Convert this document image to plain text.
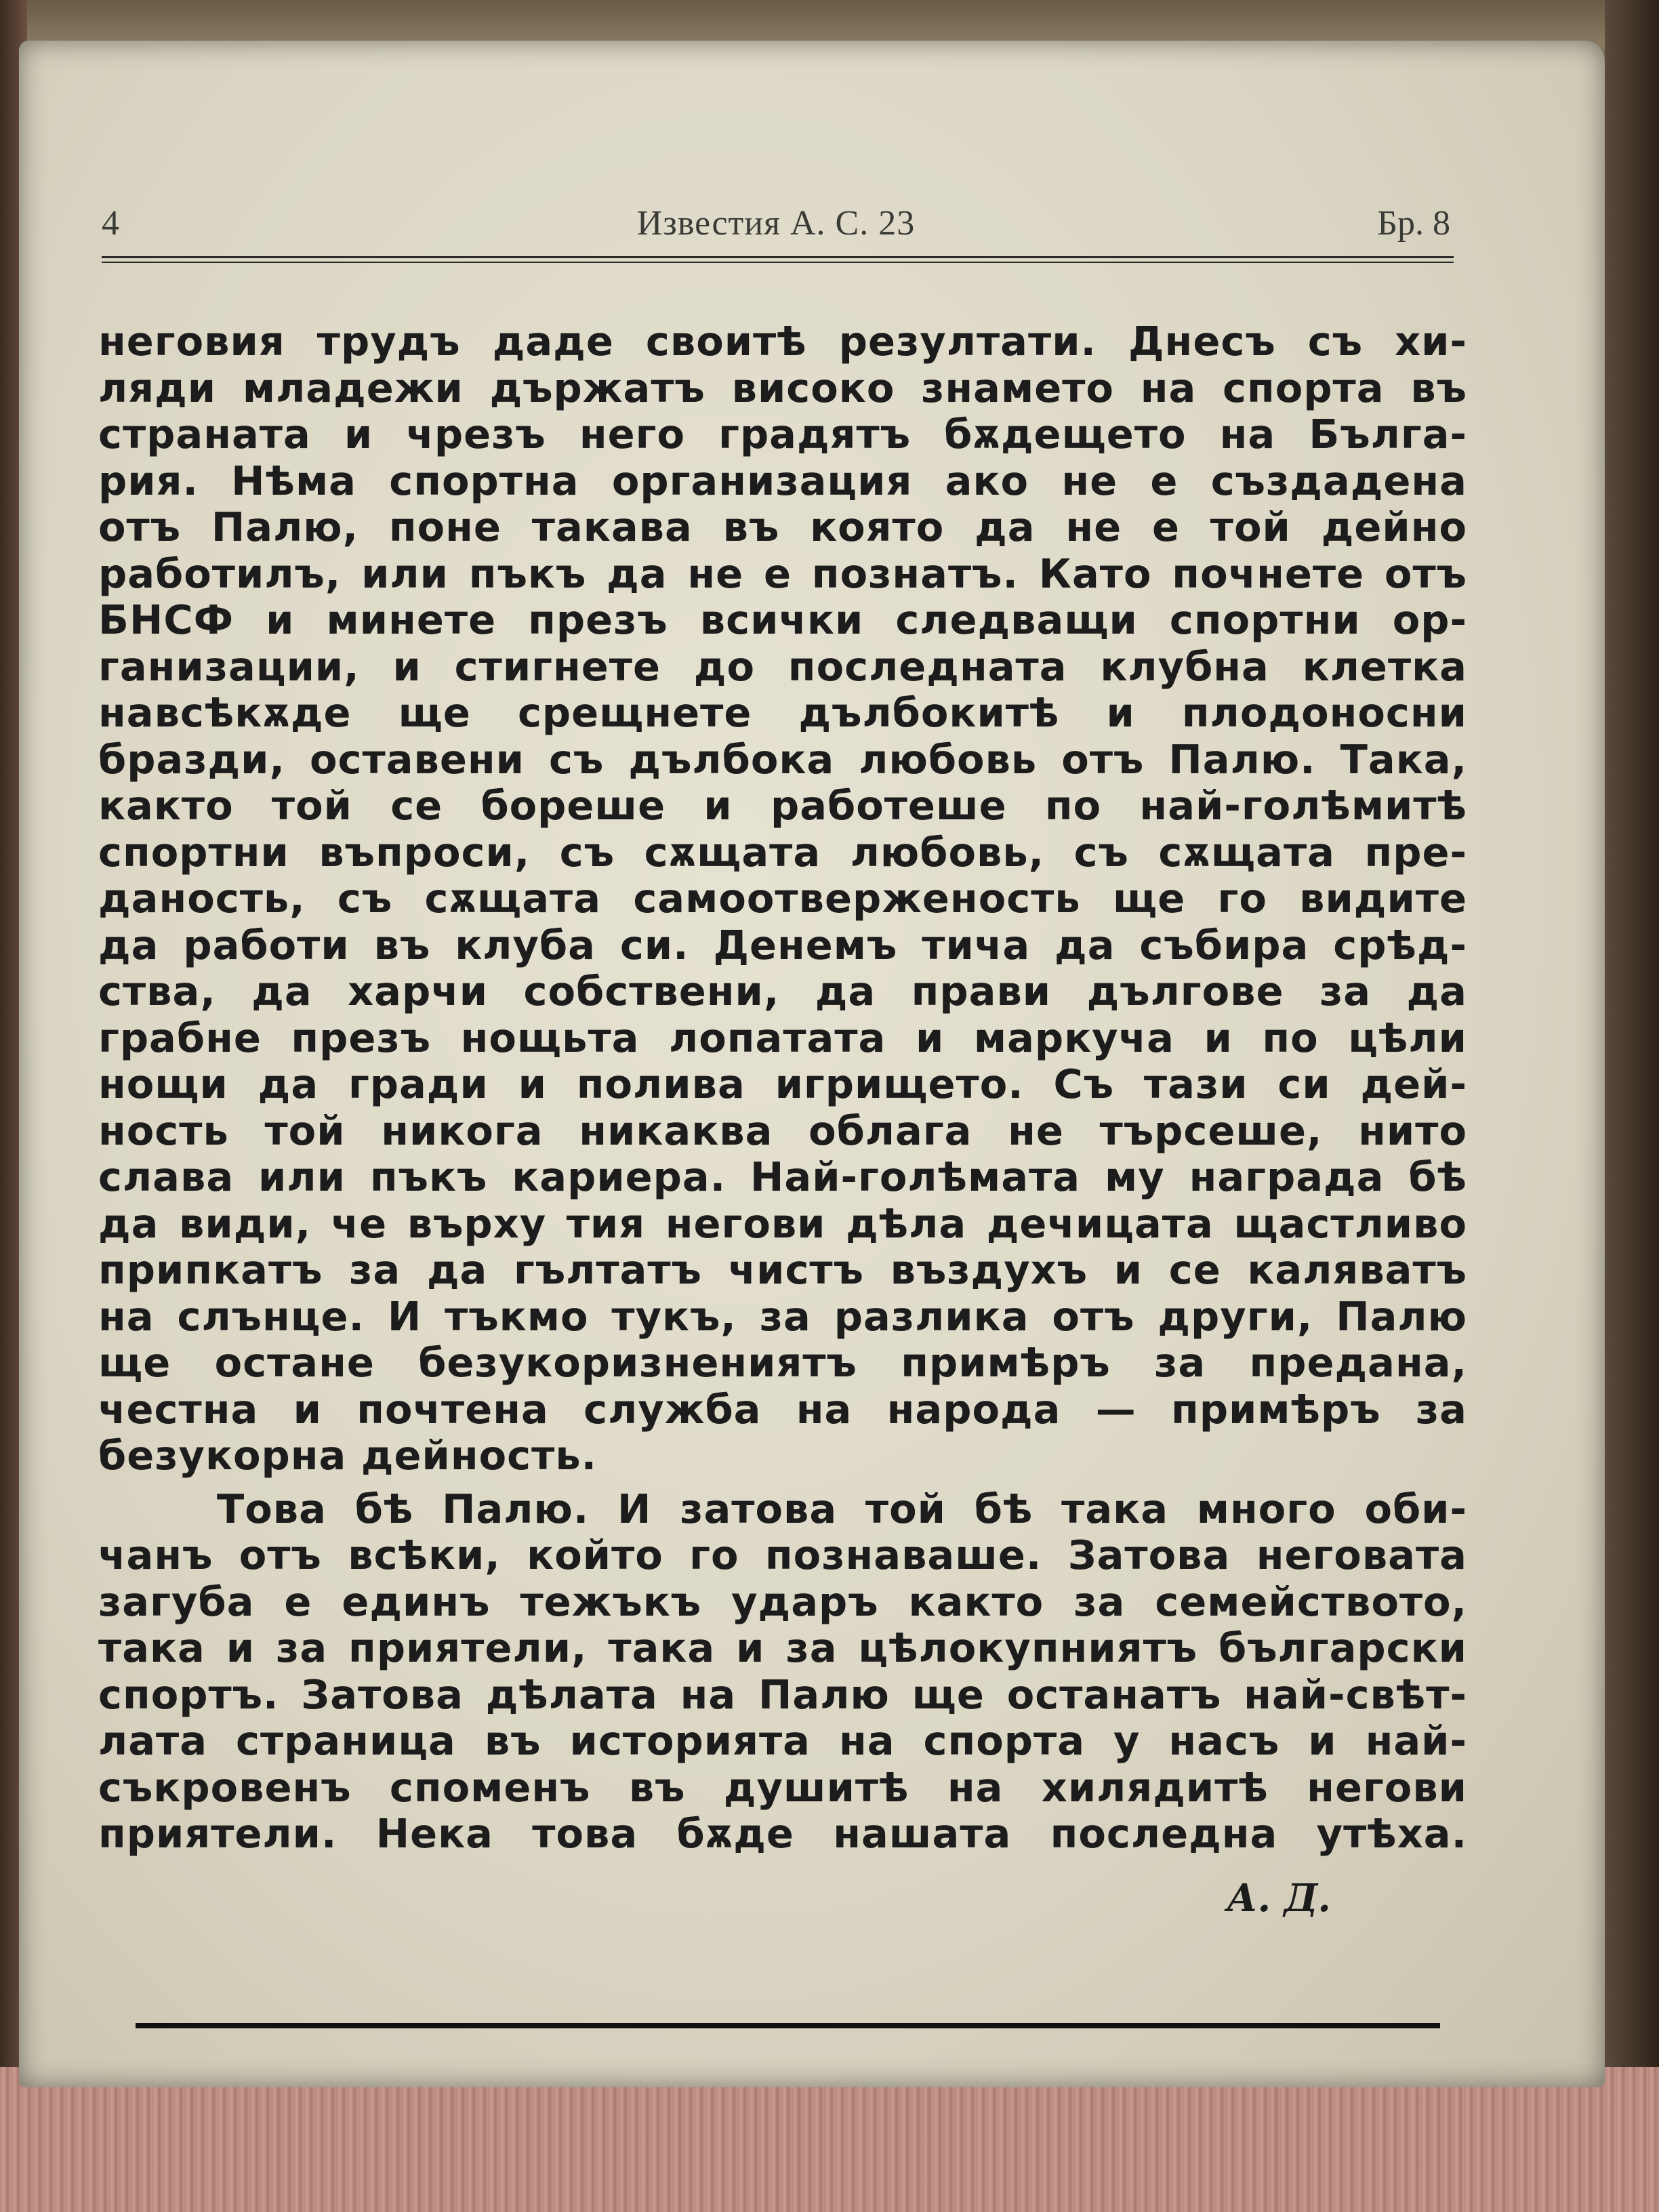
4	Известия А. С. 23	Бр. 8
неговия трудъ даде своитѣ резултати. Днесъ съ хи-
ляди младежи държатъ високо знамето на спорта въ
страната и чрезъ него градятъ бѫдещето на Бълга-
рия. Нѣма спортна организация ако не е създадена
отъ Палю, поне такава въ която да не е той дейно
работилъ, или пъкъ да не е познатъ. Като почнете отъ
БНСФ и минете презъ всички следващи спортни ор-
ганизации, и стигнете до последната клубна клетка
навсѣкѫде ще срещнете дълбокитѣ и плодоносни
бразди, оставени съ дълбока любовь отъ Палю. Така,
както той се бореше и работеше по най-голѣмитѣ
спортни въпроси, съ сѫщата любовь, съ сѫщата пре-
даность, съ сѫщата самоотверженость ще го видите
да работи въ клуба си. Денемъ тича да събира срѣд-
ства, да харчи собствени, да прави дългове за да
грабне презъ нощьта лопатата и маркуча и по цѣли
нощи да гради и полива игрището. Съ тази си дей-
ность той никога никаква облага не търсеше, нито
слава или пъкъ кариера. Най-голѣмата му награда бѣ
да види, че върху тия негови дѣла дечицата щастливо
припкатъ за да гълтатъ чистъ въздухъ и се каляватъ
на слънце. И тъкмо тукъ, за разлика отъ други, Палю
ще остане безукоризнениятъ примѣръ за предана,
честна и почтена служба на народа — примѣръ за
безукорна дейность.
Това бѣ Палю. И затова той бѣ така много оби-
чанъ отъ всѣки, който го познаваше. Затова неговата
загуба е единъ тежъкъ ударъ както за семейството,
така и за приятели, така и за цѣлокупниятъ български
спортъ. Затова дѣлата на Палю ще останатъ най-свѣт-
лата страница въ историята на спорта у насъ и най-
съкровенъ споменъ въ душитѣ на хилядитѣ негови
приятели. Нека това бѫде нашата последна утѣха.
А. Д.
